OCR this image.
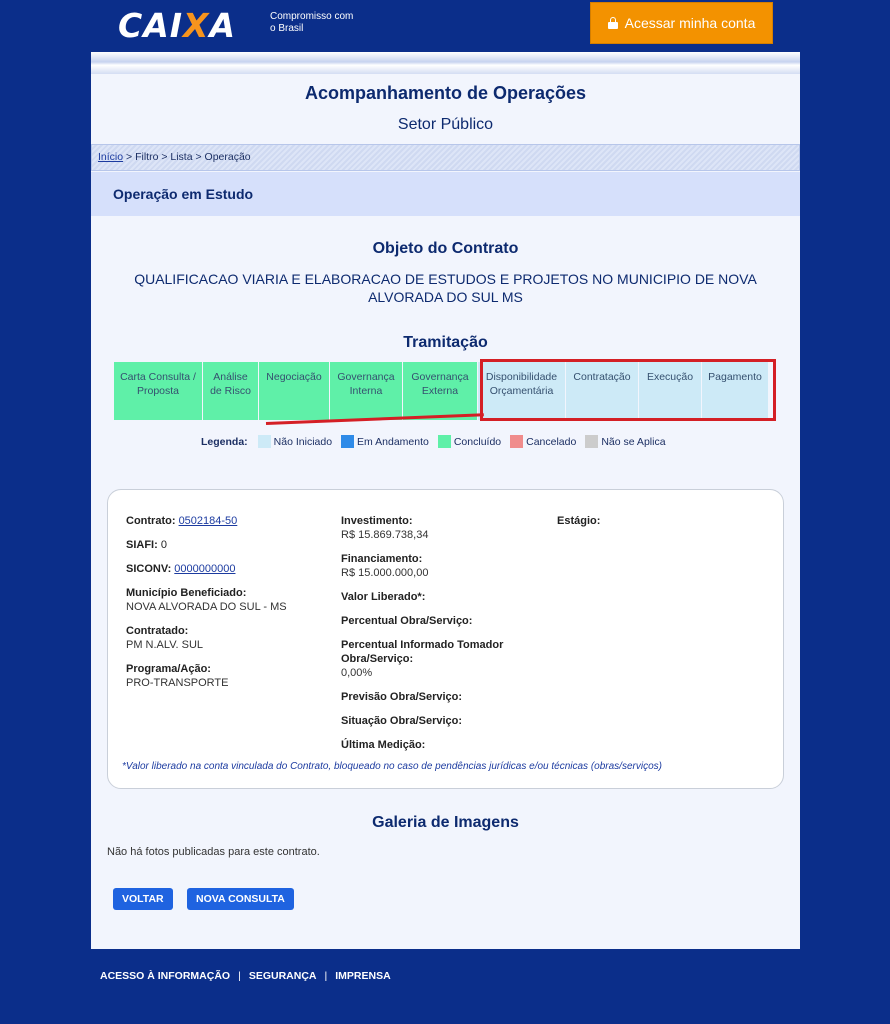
CAIXA	Compromisso com o Brasil	Acessar minha conta
Acompanhamento de Operações
Setor Público
Início > Filtro > Lista > Operação
Operação em Estudo
Objeto do Contrato
QUALIFICACAO VIARIA E ELABORACAO DE ESTUDOS E PROJETOS NO MUNICIPIO DE NOVA ALVORADA DO SUL MS
Tramitação
Carta Consulta / Proposta
Análise de Risco
Negociação	Governança Interna
Governança Externa
Disponibilidade Orçamentária
Contratação	Execução	Pagamento
Legenda: Não Iniciado Em Andamento Concluído Cancelado Não se Aplica
Contrato: 0502184-50
SIAFI: 0
SICONV: 0000000000
Município Beneficiado:
NOVA ALVORADA DO SUL - MS
Contratado:
PM N.ALV. SUL
Programa/Ação:
PRO-TRANSPORTE
Investimento:
R$ 15.869.738,34
Financiamento:
R$ 15.000.000,00
Valor Liberado*:
Percentual Obra/Serviço:
Percentual Informado Tomador Obra/Serviço:
0,00%
Previsão Obra/Serviço:
Situação Obra/Serviço:
Última Medição:
Estágio:
*Valor liberado na conta vinculada do Contrato, bloqueado no caso de pendências jurídicas e/ou técnicas (obras/serviços)
Galeria de Imagens
Não há fotos publicadas para este contrato.
VOLTAR	NOVA CONSULTA
ACESSO À INFORMAÇÃO | SEGURANÇA | IMPRENSA
